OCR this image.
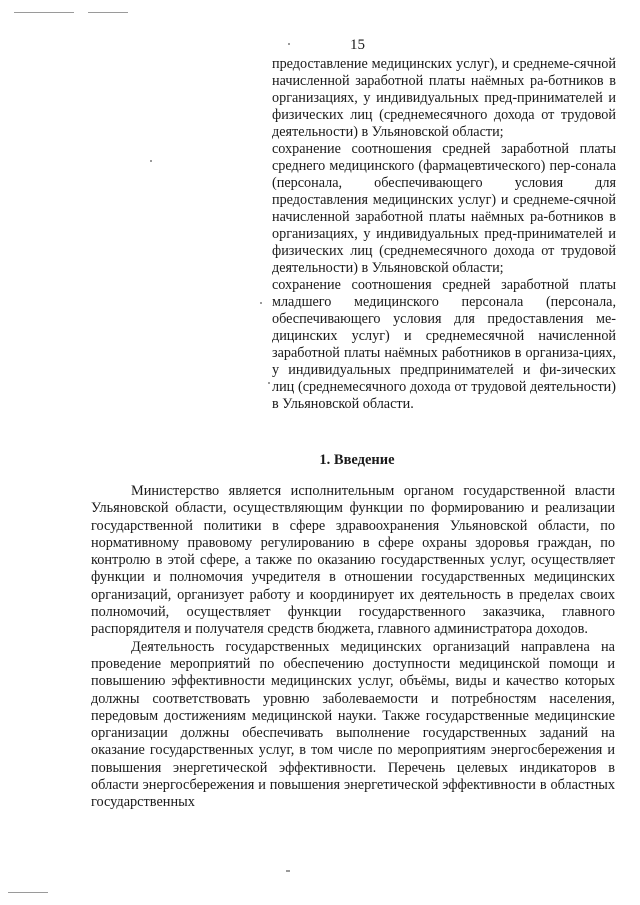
15

предоставление медицинских услуг), и среднеме-сячной начисленной заработной платы наёмных ра-ботников в организациях, у индивидуальных пред-принимателей и физических лиц (среднемесячного дохода от трудовой деятельности) в Ульяновской области;

сохранение соотношения средней заработной платы среднего медицинского (фармацевтического) пер-сонала (персонала, обеспечивающего условия для предоставления медицинских услуг) и среднеме-сячной начисленной заработной платы наёмных ра-ботников в организациях, у индивидуальных пред-принимателей и физических лиц (среднемесячного дохода от трудовой деятельности) в Ульяновской области;

сохранение соотношения средней заработной платы младшего медицинского персонала (персонала, обеспечивающего условия для предоставления ме-дицинских услуг) и среднемесячной начисленной заработной платы наёмных работников в организа-циях, у индивидуальных предпринимателей и фи-зических лиц (среднемесячного дохода от трудовой деятельности) в Ульяновской области.

1. Введение

Министерство является исполнительным органом государственной власти Ульяновской области, осуществляющим функции по формированию и реализации государственной политики в сфере здравоохранения Ульяновской области, по нормативному правовому регулированию в сфере охраны здоровья граждан, по контролю в этой сфере, а также по оказанию государственных услуг, осуществляет функции и полномочия учредителя в отношении государственных медицинских организаций, организует работу и координирует их деятельность в пределах своих полномочий, осуществляет функции государственного заказчика, главного распорядителя и получателя средств бюджета, главного администратора доходов.

Деятельность государственных медицинских организаций направлена на проведение мероприятий по обеспечению доступности медицинской помощи и повышению эффективности медицинских услуг, объёмы, виды и качество которых должны соответствовать уровню заболеваемости и потребностям населения, передовым достижениям медицинской науки. Также государственные медицинские организации должны обеспечивать выполнение государственных заданий на оказание государственных услуг, в том числе по мероприятиям энергосбережения и повышения энергетической эффективности. Перечень целевых индикаторов в области энергосбережения и повышения энергетической эффективности в областных государственных
